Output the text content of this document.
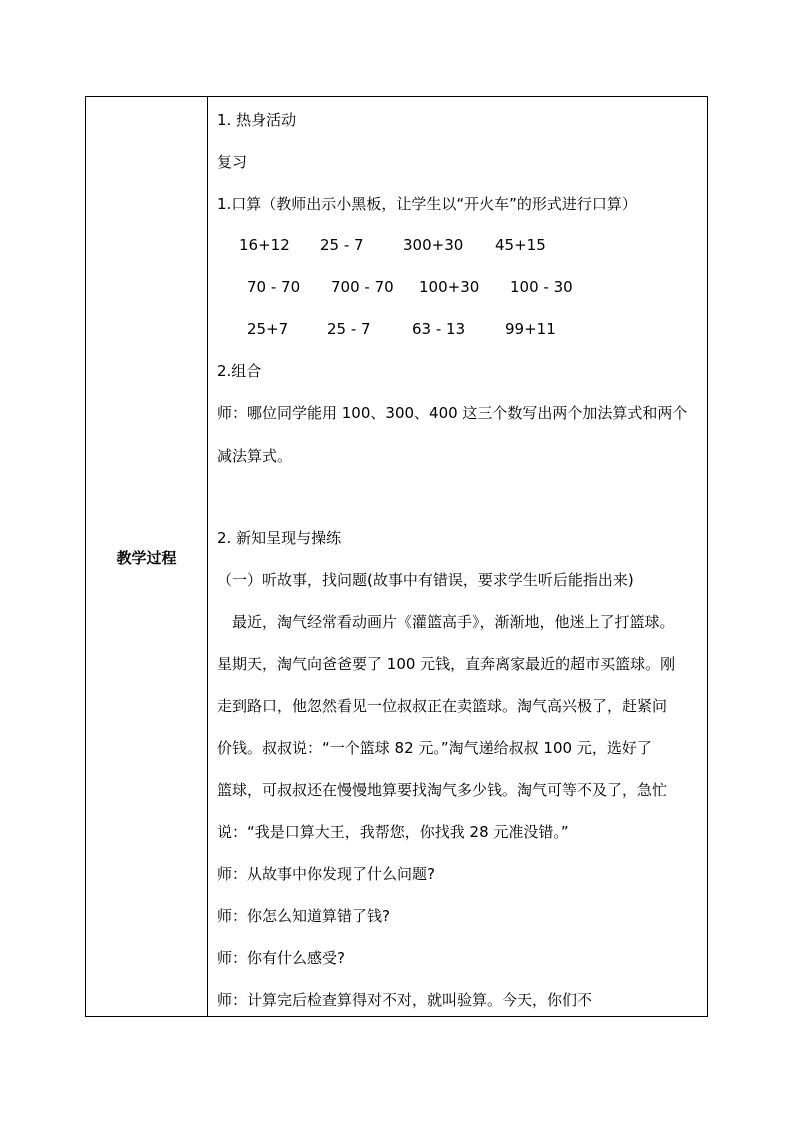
教学过程
1. 热身活动
复习
1.口算（教师出示小黑板，让学生以“开火车”的形式进行口算）
16+12 25 - 7	300+30 45+15
70 - 70 700 - 70 100+30 100 - 30
25+7	25 - 7	63 - 13	99+11
2.组合
师：哪位同学能用 100、300、400 这三个数写出两个加法算式和两个
减法算式。
2. 新知呈现与操练
（一）听故事，找问题(故事中有错误，要求学生听后能指出来)
最近，淘气经常看动画片《灌篮高手》，渐渐地，他迷上了打篮球。
星期天，淘气向爸爸要了 100 元钱，直奔离家最近的超市买篮球。刚
走到路口，他忽然看见一位叔叔正在卖篮球。淘气高兴极了，赶紧问
价钱。叔叔说：“一个篮球 82 元。”淘气递给叔叔 100 元，选好了
篮球，可叔叔还在慢慢地算要找淘气多少钱。淘气可等不及了，急忙
说：“我是口算大王，我帮您，你找我 28 元准没错。”
师：从故事中你发现了什么问题?
师：你怎么知道算错了钱?
师：你有什么感受?
师：计算完后检查算得对不对，就叫验算。今天，你们不
